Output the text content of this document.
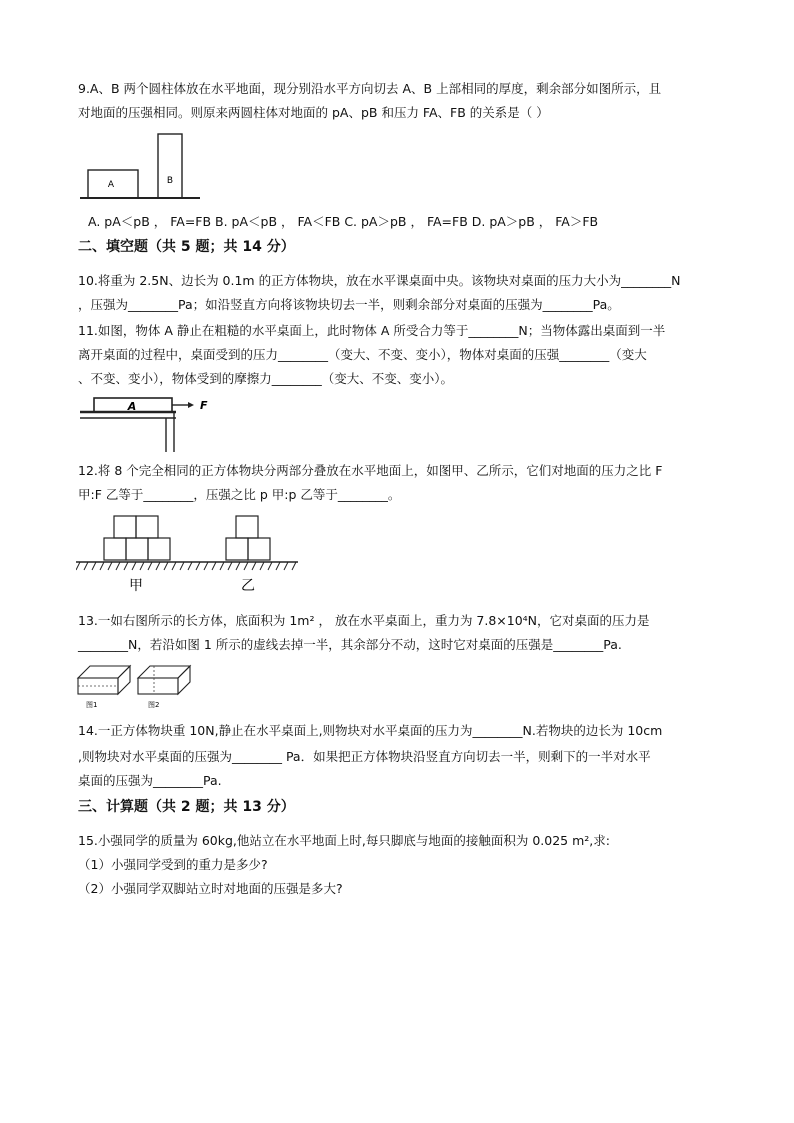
9.A、B 两个圆柱体放在水平地面，现分别沿水平方向切去 A、B 上部相同的厚度，剩余部分如图所示，且
对地面的压强相同。则原来两圆柱体对地面的 pA、pB 和压力 FA、FB 的关系是（ ）
A	B
A. pA＜pB ， FA=FB B. pA＜pB ， FA＜FB C. pA＞pB ， FA=FB D. pA＞pB ， FA＞FB
二、填空题（共 5 题；共 14 分）
10.将重为 2.5N、边长为 0.1m 的正方体物块，放在水平课桌面中央。该物块对桌面的压力大小为________N
，压强为________Pa；如沿竖直方向将该物块切去一半，则剩余部分对桌面的压强为________Pa。
11.如图，物体 A 静止在粗糙的水平桌面上，此时物体 A 所受合力等于________N；当物体露出桌面到一半
离开桌面的过程中，桌面受到的压力________（变大、不变、变小），物体对桌面的压强________（变大
、不变、变小），物体受到的摩擦力________（变大、不变、变小）。
A	F
12.将 8 个完全相同的正方体物块分两部分叠放在水平地面上，如图甲、乙所示，它们对地面的压力之比 F
甲:F 乙等于________，压强之比 p 甲:p 乙等于________。
甲	乙
13.一如右图所示的长方体，底面积为 1m² ， 放在水平桌面上，重力为 7.8×10⁴N，它对桌面的压力是
________N，若沿如图 1 所示的虚线去掉一半，其余部分不动，这时它对桌面的压强是________Pa.
图1	图2
14.一正方体物块重 10N,静止在水平桌面上,则物块对水平桌面的压力为________N.若物块的边长为 10cm
,则物块对水平桌面的压强为________ Pa．如果把正方体物块沿竖直方向切去一半，则剩下的一半对水平
桌面的压强为________Pa.
三、计算题（共 2 题；共 13 分）
15.小强同学的质量为 60kg,他站立在水平地面上时,每只脚底与地面的接触面积为 0.025 m²,求:
（1）小强同学受到的重力是多少?
（2）小强同学双脚站立时对地面的压强是多大?
